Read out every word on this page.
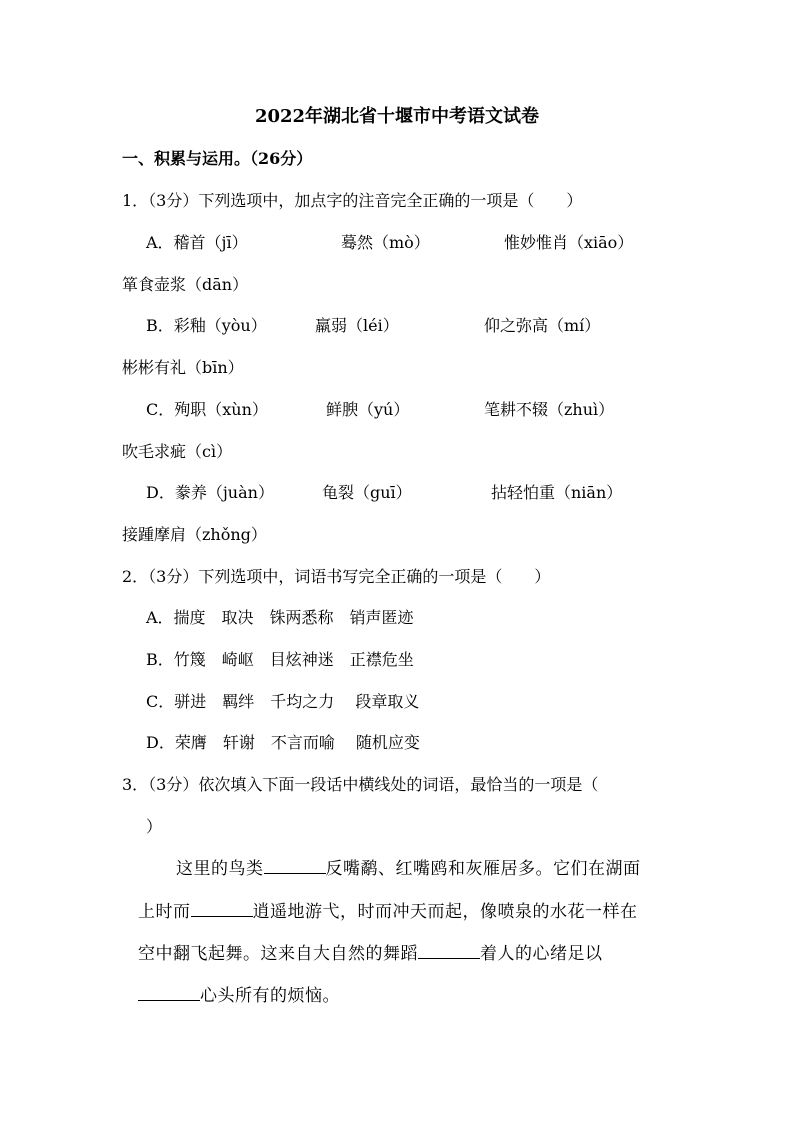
2022年湖北省十堰市中考语文试卷
一、积累与运用。（26分）
1．（3分）下列选项中，加点字的注音完全正确的一项是（　　）
A．稽首（jī）	蓦然（mò）	惟妙惟肖（xiāo）
箪食壶浆（dān）
B．彩釉（yòu）	羸弱（léi）	仰之弥高（mí）
彬彬有礼（bīn）
C．殉职（xùn）	鲜腴（yú）	笔耕不辍（zhuì）
吹毛求疵（cì）
D．豢养（juàn）	龟裂（guī）	拈轻怕重（niān）
接踵摩肩（zhǒng）
2．（3分）下列选项中，词语书写完全正确的一项是（　　）
A．揣度　取决　铢两悉称　销声匿迹
B．竹篾　崎岖　目炫神迷　正襟危坐
C．骈进　羁绊　千均之力　 段章取义
D．荣膺　轩谢　不言而喻　 随机应变
3．（3分）依次填入下面一段话中横线处的词语，最恰当的一项是（
）
这里的鸟类	反嘴鹬、红嘴鸥和灰雁居多。它们在湖面
上时而	逍遥地游弋，时而冲天而起，像喷泉的水花一样在
空中翻飞起舞。这来自大自然的舞蹈	着人的心绪足以
心头所有的烦恼。
